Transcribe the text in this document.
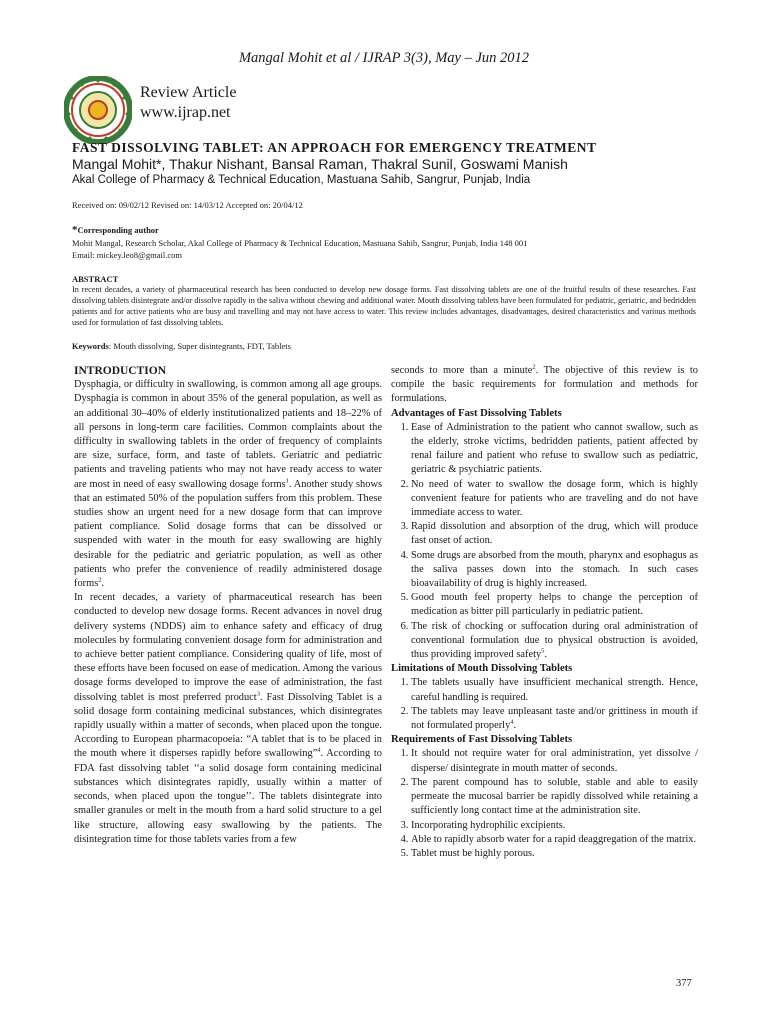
Mangal Mohit et al / IJRAP 3(3), May – Jun 2012
Review Article
www.ijrap.net
FAST DISSOLVING TABLET: AN APPROACH FOR EMERGENCY TREATMENT
Mangal Mohit*, Thakur Nishant, Bansal Raman, Thakral Sunil, Goswami Manish
Akal College of Pharmacy & Technical Education, Mastuana Sahib, Sangrur, Punjab, India
Received on: 09/02/12 Revised on: 14/03/12 Accepted on: 20/04/12
*Corresponding author
Mohit Mangal, Research Scholar, Akal College of Pharmacy & Technical Education, Mastuana Sahib, Sangrur, Punjab, India 148 001
Email: mickey.leo8@gmail.com
ABSTRACT

In recent decades, a variety of pharmaceutical research has been conducted to develop new dosage forms. Fast dissolving tablets are one of the fruitful results of these researches. Fast dissolving tablets disintegrate and/or dissolve rapidly in the saliva without chewing and additional water. Mouth dissolving tablets have been formulated for pediatric, geriatric, and bedridden patients and for active patients who are busy and travelling and may not have access to water. This review includes advantages, disadvantages, desired characteristics and various methods used for formulation of fast dissolving tablets.

Keywords: Mouth dissolving, Super disintegrants, FDT, Tablets
INTRODUCTION

Dysphagia, or difficulty in swallowing, is common among all age groups. Dysphagia is common in about 35% of the general population, as well as an additional 30–40% of elderly institutionalized patients and 18–22% of all persons in long-term care facilities. Common complaints about the difficulty in swallowing tablets in the order of frequency of complaints are size, surface, form, and taste of tablets. Geriatric and pediatric patients and traveling patients who may not have ready access to water are most in need of easy swallowing dosage forms$^1$. Another study shows that an estimated 50% of the population suffers from this problem. These studies show an urgent need for a new dosage form that can improve patient compliance. Solid dosage forms that can be dissolved or suspended with water in the mouth for easy swallowing are highly desirable for the pediatric and geriatric population, as well as other patients who prefer the convenience of readily administered dosage forms$^2$.

In recent decades, a variety of pharmaceutical research has been conducted to develop new dosage forms. Recent advances in novel drug delivery systems (NDDS) aim to enhance safety and efficacy of drug molecules by formulating convenient dosage form for administration and to achieve better patient compliance. Considering quality of life, most of these efforts have been focused on ease of medication. Among the various dosage forms developed to improve the ease of administration, the fast dissolving tablet is most preferred product$^3$. Fast Dissolving Tablet is a solid dosage form containing medicinal substances, which disintegrates rapidly usually within a matter of seconds, when placed upon the tongue. According to European pharmacopoeia: “A tablet that is to be placed in the mouth where it disperses rapidly before swallowing”$^4$. According to FDA fast dissolving tablet ‘‘a solid dosage form containing medicinal substances which disintegrates rapidly, usually within a matter of seconds, when placed upon the tongue’’. The tablets disintegrate into smaller granules or melt in the mouth from a hard solid structure to a gel like structure, allowing easy swallowing by the patients. The disintegration time for those tablets varies from a few

seconds to more than a minute$^2$. The objective of this review is to compile the basic requirements for formulation and methods for formulations.

Advantages of Fast Dissolving Tablets
1. Ease of Administration to the patient who cannot swallow, such as the elderly, stroke victims, bedridden patients, patient affected by renal failure and patient who refuse to swallow such as pediatric, geriatric & psychiatric patients.
2. No need of water to swallow the dosage form, which is highly convenient feature for patients who are traveling and do not have immediate access to water.
3. Rapid dissolution and absorption of the drug, which will produce fast onset of action.
4. Some drugs are absorbed from the mouth, pharynx and esophagus as the saliva passes down into the stomach. In such cases bioavailability of drug is highly increased.
5. Good mouth feel property helps to change the perception of medication as bitter pill particularly in pediatric patient.
6. The risk of chocking or suffocation during oral administration of conventional formulation due to physical obstruction is avoided, thus providing improved safety$^5$.
Limitations of Mouth Dissolving Tablets
1. The tablets usually have insufficient mechanical strength. Hence, careful handling is required.
2. The tablets may leave unpleasant taste and/or grittiness in mouth if not formulated properly$^4$.
Requirements of Fast Dissolving Tablets
1. It should not require water for oral administration, yet dissolve / disperse/ disintegrate in mouth matter of seconds.
2. The parent compound has to soluble, stable and able to easily permeate the mucosal barrier be rapidly dissolved while retaining a sufficiently long contact time at the administration site.
3. Incorporating hydrophilic excipients.
4. Able to rapidly absorb water for a rapid deaggregation of the matrix.
5. Tablet must be highly porous.
377
